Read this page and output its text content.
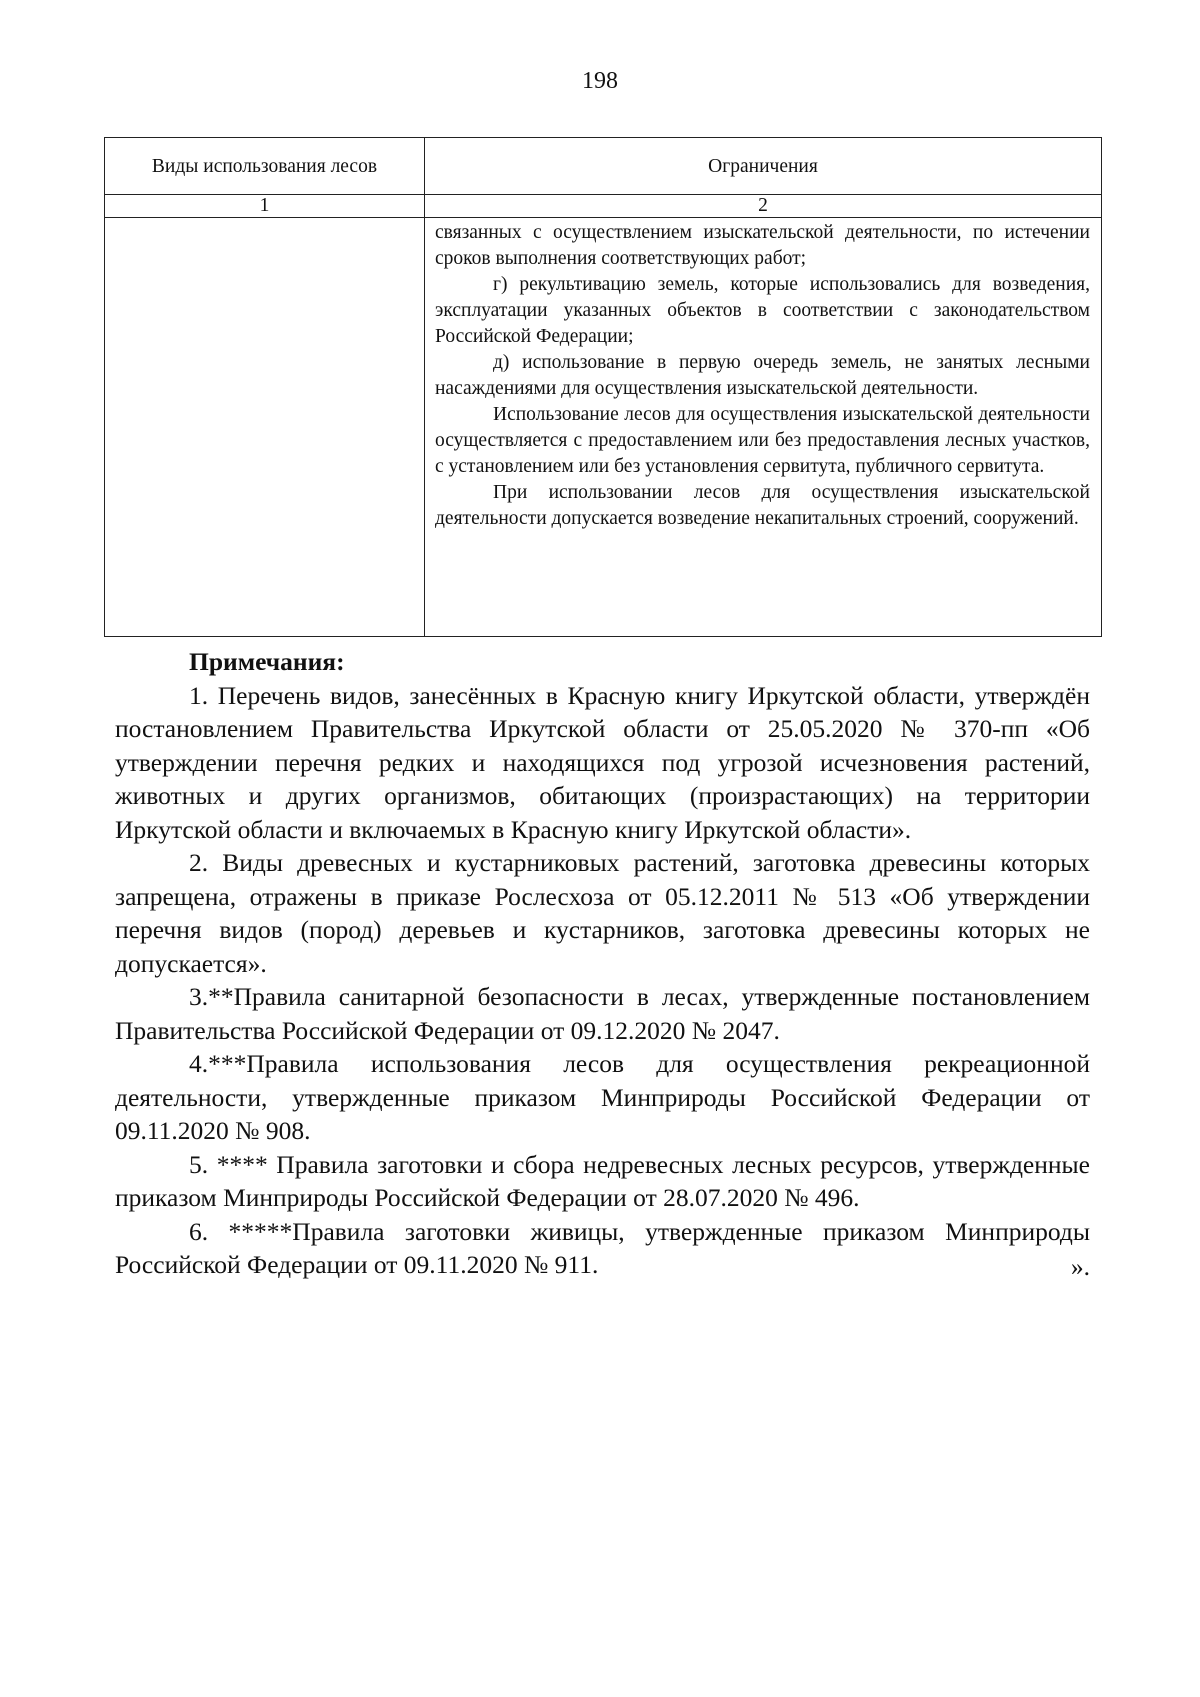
198
Виды использования лесов	Ограничения
1	2

	связанных с осуществлением изыскательской деятельности, по истечении сроков выполнения соответствующих работ;

г) рекультивацию земель, которые использовались для возведения, эксплуатации указанных объектов в соответствии с законодательством Российской Федерации;

д) использование в первую очередь земель, не занятых лесными насаждениями для осуществления изыскательской деятельности.

Использование лесов для осуществления изыскательской деятельности осуществляется с предоставлением или без предоставления лесных участков, с установлением или без установления сервитута, публичного сервитута.

При использовании лесов для осуществления изыскательской деятельности допускается возведение некапитальных строений, сооружений.

Примечания:

1. Перечень видов, занесённых в Красную книгу Иркутской области, утверждён постановлением Правительства Иркутской области от 25.05.2020 № 370-пп «Об утверждении перечня редких и находящихся под угрозой исчезновения растений, животных и других организмов, обитающих (произрастающих) на территории Иркутской области и включаемых в Красную книгу Иркутской области».

2. Виды древесных и кустарниковых растений, заготовка древесины которых запрещена, отражены в приказе Рослесхоза от 05.12.2011 № 513 «Об утверждении перечня видов (пород) деревьев и кустарников, заготовка древесины которых не допускается».

3.**Правила санитарной безопасности в лесах, утвержденные постановлением Правительства Российской Федерации от 09.12.2020 № 2047.

4.***Правила использования лесов для осуществления рекреационной деятельности, утвержденные приказом Минприроды Российской Федерации от 09.11.2020 № 908.

5. **** Правила заготовки и сбора недревесных лесных ресурсов, утвержденные приказом Минприроды Российской Федерации от 28.07.2020 № 496.

6. *****Правила заготовки живицы, утвержденные приказом Минприроды Российской Федерации от 09.11.2020 № 911.	».
